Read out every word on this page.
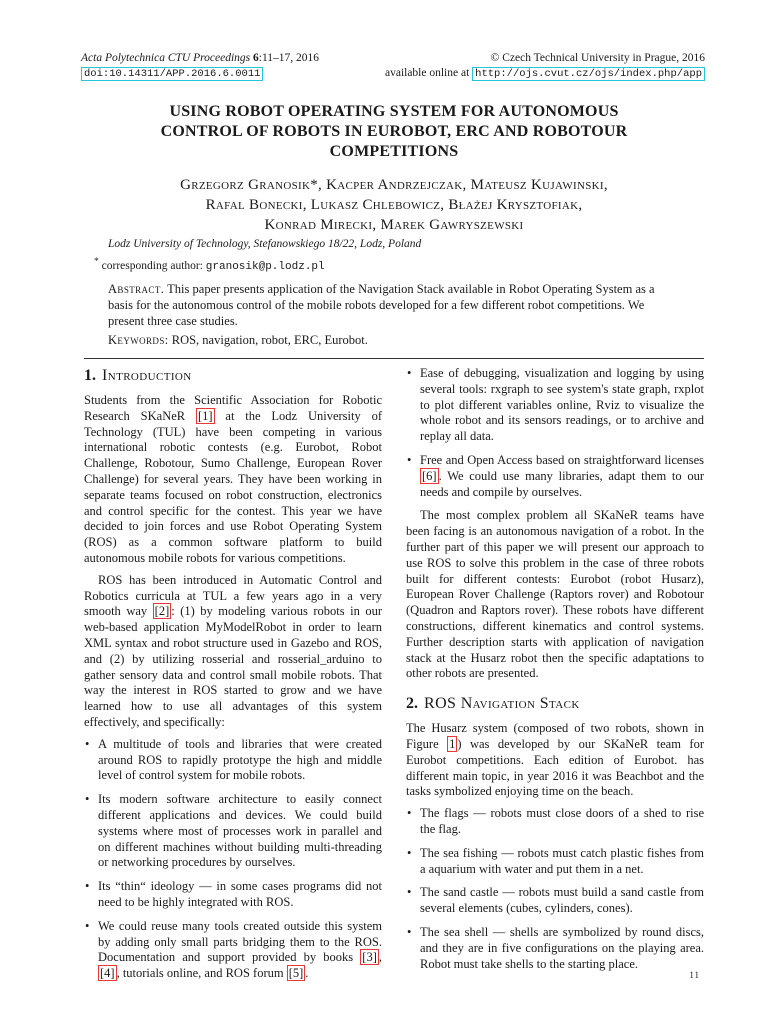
Acta Polytechnica CTU Proceedings 6:11–17, 2016
doi:10.14311/APP.2016.6.0011
© Czech Technical University in Prague, 2016
available online at http://ojs.cvut.cz/ojs/index.php/app
USING ROBOT OPERATING SYSTEM FOR AUTONOMOUS
CONTROL OF ROBOTS IN EUROBOT, ERC AND ROBOTOUR
COMPETITIONS
Grzegorz Granosik*, Kacper Andrzejczak, Mateusz Kujawinski,
Rafal Bonecki, Lukasz Chlebowicz, Błażej Krysztofiak,
Konrad Mirecki, Marek Gawryszewski
Lodz University of Technology, Stefanowskiego 18/22, Lodz, Poland
* corresponding author: granosik@p.lodz.pl
Abstract. This paper presents application of the Navigation Stack available in Robot Operating System as a basis for the autonomous control of the mobile robots developed for a few different robot competitions. We present three case studies.
Keywords: ROS, navigation, robot, ERC, Eurobot.
1. Introduction

Students from the Scientific Association for Robotic Research SKaNeR [1] at the Lodz University of Technology (TUL) have been competing in various international robotic contests (e.g. Eurobot, Robot Challenge, Robotour, Sumo Challenge, European Rover Challenge) for several years. They have been working in separate teams focused on robot construction, electronics and control specific for the contest. This year we have decided to join forces and use Robot Operating System (ROS) as a common software platform to build autonomous mobile robots for various competitions.

ROS has been introduced in Automatic Control and Robotics curricula at TUL a few years ago in a very smooth way [2] : (1) by modeling various robots in our web-based application MyModelRobot in order to learn XML syntax and robot structure used in Gazebo and ROS, and (2) by utilizing rosserial and rosserial_arduino to gather sensory data and control small mobile robots. That way the interest in ROS started to grow and we have learned how to use all advantages of this system effectively, and specifically:

• A multitude of tools and libraries that were created around ROS to rapidly prototype the high and middle level of control system for mobile robots.
• Its modern software architecture to easily connect different applications and devices. We could build systems where most of processes work in parallel and on different machines without building multi-threading or networking procedures by ourselves.
• Its “thin“ ideology — in some cases programs did not need to be highly integrated with ROS.
• We could reuse many tools created outside this system by adding only small parts bridging them to the ROS. Documentation and support provided by books [3] , [4] , tutorials online, and ROS forum [5] .
• Ease of debugging, visualization and logging by using several tools: rxgraph to see system's state graph, rxplot to plot different variables online, Rviz to visualize the whole robot and its sensors readings, or to archive and replay all data.
• Free and Open Access based on straightforward licenses [6] . We could use many libraries, adapt them to our needs and compile by ourselves.

The most complex problem all SKaNeR teams have been facing is an autonomous navigation of a robot. In the further part of this paper we will present our approach to use ROS to solve this problem in the case of three robots built for different contests: Eurobot (robot Husarz), European Rover Challenge (Raptors rover) and Robotour (Quadron and Raptors rover). These robots have different constructions, different kinematics and control systems. Further description starts with application of navigation stack at the Husarz robot then the specific adaptations to other robots are presented.

2. ROS Navigation Stack

The Husarz system (composed of two robots, shown in Figure 1 ) was developed by our SKaNeR team for Eurobot competitions. Each edition of Eurobot. has different main topic, in year 2016 it was Beachbot and the tasks symbolized enjoying time on the beach.

• The flags — robots must close doors of a shed to rise the flag.
• The sea fishing — robots must catch plastic fishes from a aquarium with water and put them in a net.
• The sand castle — robots must build a sand castle from several elements (cubes, cylinders, cones).
• The sea shell — shells are symbolized by round discs, and they are in five configurations on the playing area. Robot must take shells to the starting place.
11
